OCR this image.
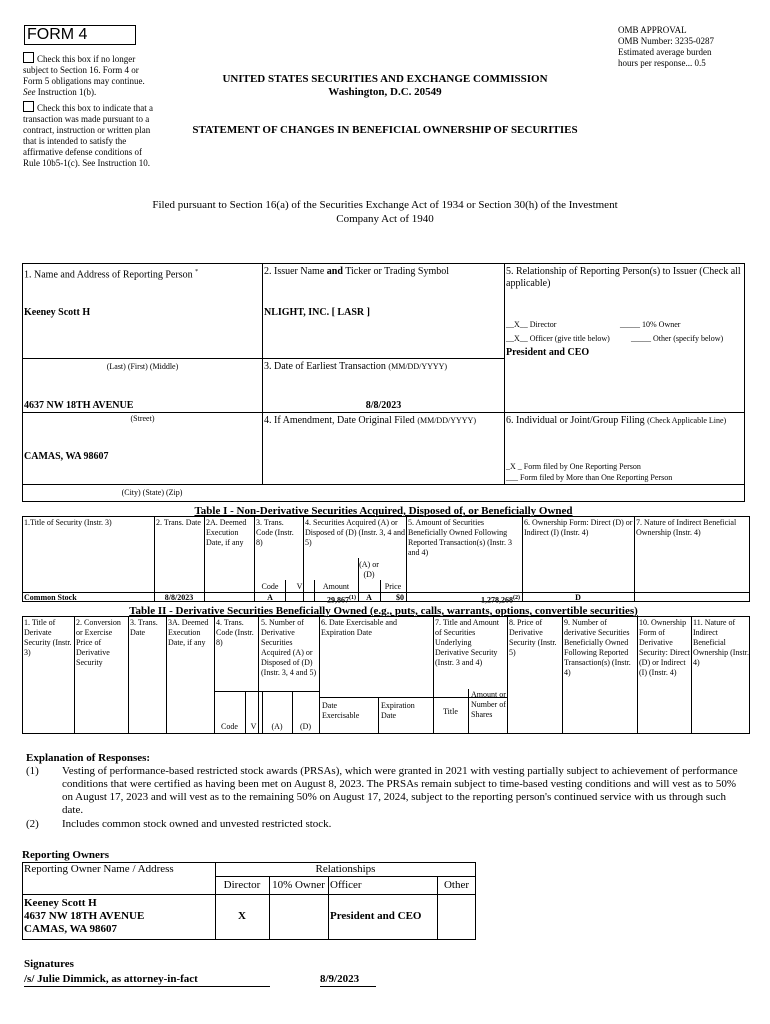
FORM 4
Check this box if no longer subject to Section 16. Form 4 or Form 5 obligations may continue. See Instruction 1(b).
Check this box to indicate that a transaction was made pursuant to a contract, instruction or written plan that is intended to satisfy the affirmative defense conditions of Rule 10b5-1(c). See Instruction 10.
OMB APPROVAL
OMB Number: 3235-0287
Estimated average burden
hours per response... 0.5
UNITED STATES SECURITIES AND EXCHANGE COMMISSION
Washington, D.C. 20549
STATEMENT OF CHANGES IN BENEFICIAL OWNERSHIP OF SECURITIES
Filed pursuant to Section 16(a) of the Securities Exchange Act of 1934 or Section 30(h) of the Investment Company Act of 1940
1. Name and Address of Reporting Person *
Keeney Scott H
(Last) (First) (Middle)
4637 NW 18TH AVENUE
(Street)
CAMAS, WA 98607
(City) (State) (Zip)
2. Issuer Name and Ticker or Trading Symbol
NLIGHT, INC. [ LASR ]
3. Date of Earliest Transaction (MM/DD/YYYY)
8/8/2023
4. If Amendment, Date Original Filed (MM/DD/YYYY)
5. Relationship of Reporting Person(s) to Issuer (Check all applicable)
__X__ Director	_____ 10% Owner
__X__ Officer (give title below)	_____ Other (specify below)
President and CEO
6. Individual or Joint/Group Filing (Check Applicable Line)
_X _ Form filed by One Reporting Person
___ Form filed by More than One Reporting Person
Table I - Non-Derivative Securities Acquired, Disposed of, or Beneficially Owned
1.Title of Security (Instr. 3)	2. Trans. Date 2A. Deemed Execution Date, if any
3. Trans. Code (Instr. 8)
4. Securities Acquired (A) or Disposed of (D) (Instr. 3, 4 and 5)
5. Amount of Securities Beneficially Owned Following Reported Transaction(s) (Instr. 3 and 4)
6. Ownership Form: Direct (D) or Indirect (I) (Instr. 4)
7. Nature of Indirect Beneficial Ownership (Instr. 4)
Code	V	Amount
(A) or (D)
Price
Common Stock	8/8/2023	A	29,867$^{(1)}$	A	$0	1,278,268$^{(2)}$	D
Table II - Derivative Securities Beneficially Owned (e.g., puts, calls, warrants, options, convertible securities)
1. Title of Derivate Security (Instr. 3)
2. Conversion or Exercise Price of Derivative Security
3. Trans. Date
3A. Deemed Execution Date, if any
4. Trans. Code (Instr. 8)
5. Number of Derivative Securities Acquired (A) or Disposed of (D) (Instr. 3, 4 and 5)
6. Date Exercisable and Expiration Date
7. Title and Amount of Securities Underlying Derivative Security (Instr. 3 and 4)
8. Price of Derivative Security (Instr. 5)
9. Number of derivative Securities Beneficially Owned Following Reported Transaction(s) (Instr. 4)
10. Ownership Form of Derivative Security: Direct (D) or Indirect (I) (Instr. 4)
11. Nature of Indirect Beneficial Ownership (Instr. 4)
Code	V	(A)	(D)
Date Exercisable
Expiration Date	Title
Amount or Number of Shares
Explanation of Responses:
(1) Vesting of performance-based restricted stock awards (PRSAs), which were granted in 2021 with vesting partially subject to achievement of performance conditions that were certified as having been met on August 8, 2023. The PRSAs remain subject to time-based vesting conditions and will vest as to 50% on August 17, 2023 and will vest as to the remaining 50% on August 17, 2024, subject to the reporting person's continued service with us through such date.
(2) Includes common stock owned and unvested restricted stock.
Reporting Owners
Reporting Owner Name / Address	Relationships
Director	10% Owner Officer	Other
Keeney Scott H
4637 NW 18TH AVENUE
CAMAS, WA 98607
X	President and CEO
Signatures
/s/ Julie Dimmick, as attorney-in-fact	8/9/2023
